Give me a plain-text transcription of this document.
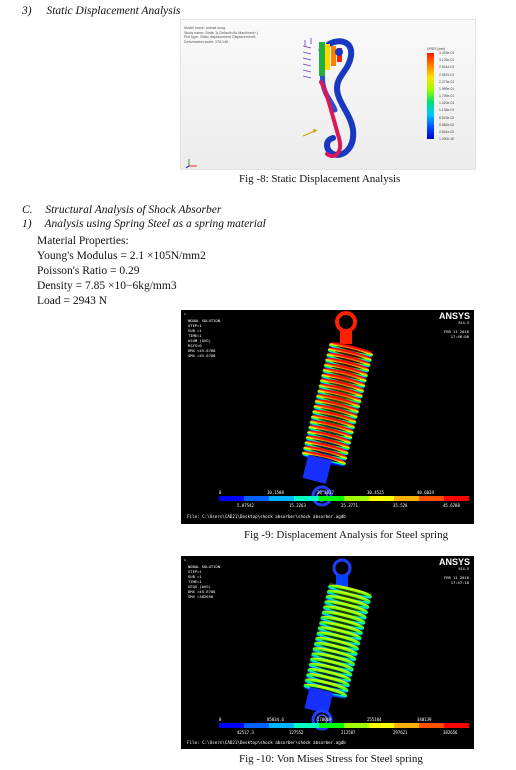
3) Static Displacement Analysis
Model name: animal ssng
Study name: Static 1(-Default<As Machined>-)
Plot type: Static displacement Displacement1
Deformation scale: 378.148
URES (mm)
3.409e-01
3.125e-01
2.841e-01
2.557e-01
2.273e-01
1.989e-01
1.705e-01
1.420e-01
1.136e-01
8.523e-02
5.682e-02
2.841e-02
1.000e-30
Fig -8: Static Displacement Analysis
C. Structural Analysis of Shock Absorber
1) Analysis using Spring Steel as a spring material
Material Properties:
Young's Modulus = 2.1 ×105N/mm2
Poisson's Ratio = 0.29
Density = 7.85 ×10−6kg/mm3
Load = 2943 N
1
NODAL SOLUTION
STEP=1
SUB =1
TIME=1
USUM (AVG)
RSYS=0
DMX =45.6788
SMX =45.6788
ANSYS
R14.5
FEB 11 2016
17:46:08
0	10.1508	20.3017	30.4525	40.6034
5.07542	15.2263	25.3771	35.528	45.6788
File: C:\Users\CAD21\Desktop\shock absorber\shock absorber.agdb
Fig -9: Displacement Analysis for Steel spring
1
NODAL SOLUTION
STEP=1
SUB =1
TIME=1
SEQV (AVG)
DMX =45.6788
SMX =382656
ANSYS
R14.5
FEB 11 2016
17:47:10
0	85034.6	170069	255104	340139
42517.3	127552	212587	297621	382656
File: C:\Users\CAD21\Desktop\shock absorber\shock absorber.agdb
Fig -10: Von Mises Stress for Steel spring
